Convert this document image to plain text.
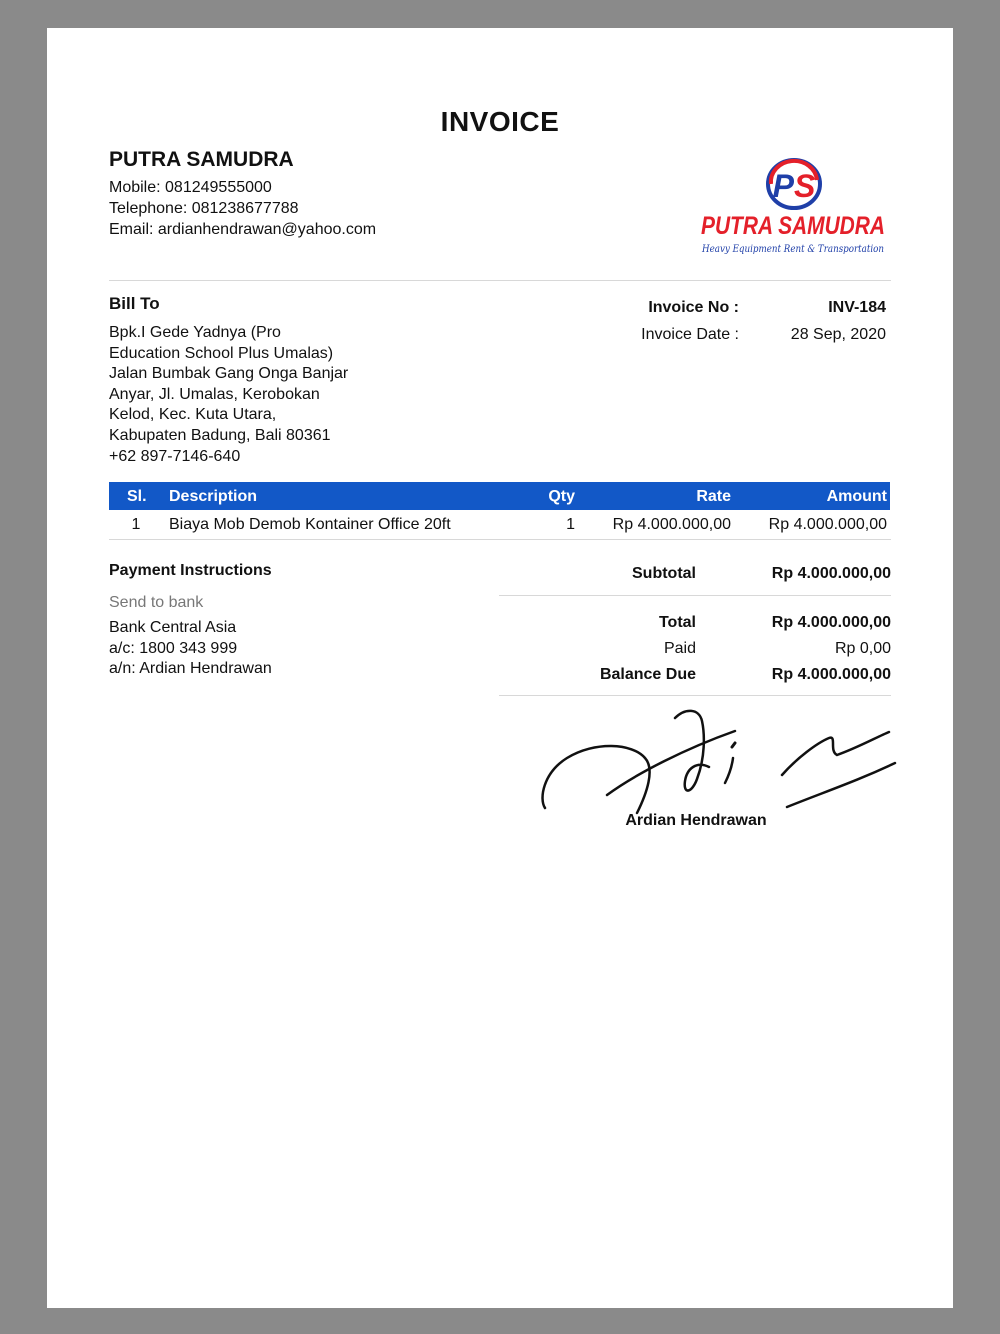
INVOICE
PUTRA SAMUDRA
Mobile: 081249555000
Telephone: 081238677788
Email: ardianhendrawan@yahoo.com
PS
PUTRA SAMUDRA
Heavy Equipment Rent & Transportation
Bill To
Bpk.I Gede Yadnya (Pro
Education School Plus Umalas)
Jalan Bumbak Gang Onga Banjar
Anyar, Jl. Umalas, Kerobokan
Kelod, Kec. Kuta Utara,
Kabupaten Badung, Bali 80361
+62 897-7146-640
Invoice No :	INV-184
Invoice Date :	28 Sep, 2020
Sl. Description	Qty	Rate	Amount
1 Biaya Mob Demob Kontainer Office 20ft	1	Rp 4.000.000,00	Rp 4.000.000,00
Payment Instructions
Send to bank
Bank Central Asia
a/c: 1800 343 999
a/n: Ardian Hendrawan
Subtotal	Rp 4.000.000,00
Total	Rp 4.000.000,00
Paid	Rp 0,00
Balance Due	Rp 4.000.000,00
Ardian Hendrawan
